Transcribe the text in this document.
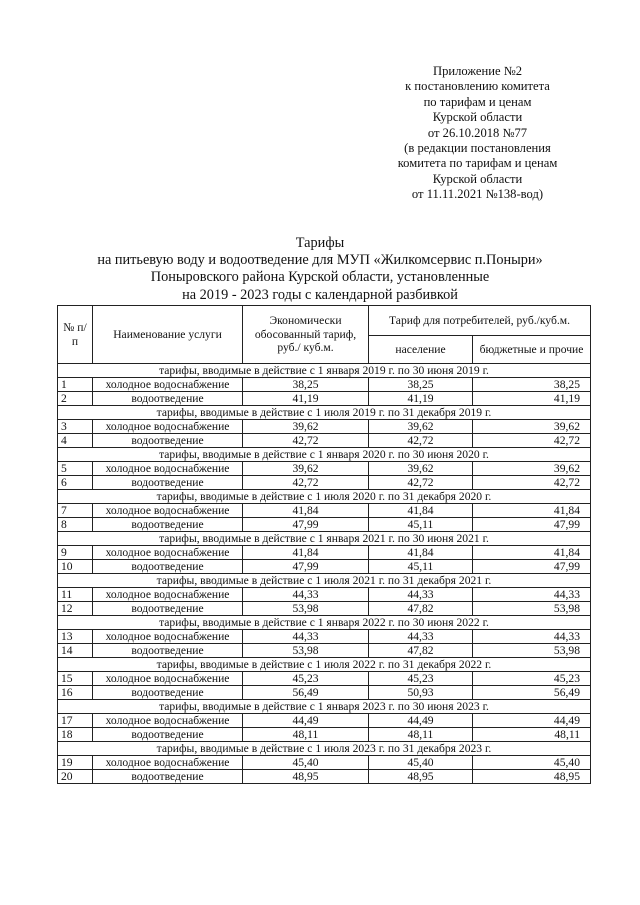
Приложение №2
к постановлению комитета
по тарифам и ценам
Курской области
от 26.10.2018 №77
(в редакции постановления
комитета по тарифам и ценам
Курской области
от 11.11.2021 №138-вод)
Тарифы
на питьевую воду и водоотведение для МУП «Жилкомсервис п.Поныри»
Поныровского района Курской области, установленные
на 2019 - 2023 годы с календарной разбивкой
№ п/п	Наименование услуги	Экономически обосованный тариф, руб./ куб.м.	Тариф для потребителей, руб./куб.м.	
			население	бюджетные и прочие
тарифы, вводимые в действие с 1 января 2019 г. по 30 июня 2019 г.				
1	холодное водоснабжение	38,25	38,25	38,25
2	водоотведение	41,19	41,19	41,19
тарифы, вводимые в действие с 1 июля 2019 г. по 31 декабря 2019 г.				
3	холодное водоснабжение	39,62	39,62	39,62
4	водоотведение	42,72	42,72	42,72
тарифы, вводимые в действие с 1 января 2020 г. по 30 июня 2020 г.				
5	холодное водоснабжение	39,62	39,62	39,62
6	водоотведение	42,72	42,72	42,72
тарифы, вводимые в действие с 1 июля 2020 г. по 31 декабря 2020 г.				
7	холодное водоснабжение	41,84	41,84	41,84
8	водоотведение	47,99	45,11	47,99
тарифы, вводимые в действие с 1 января 2021 г. по 30 июня 2021 г.				
9	холодное водоснабжение	41,84	41,84	41,84
10	водоотведение	47,99	45,11	47,99
тарифы, вводимые в действие с 1 июля 2021 г. по 31 декабря 2021 г.				
11	холодное водоснабжение	44,33	44,33	44,33
12	водоотведение	53,98	47,82	53,98
тарифы, вводимые в действие с 1 января 2022 г. по 30 июня 2022 г.				
13	холодное водоснабжение	44,33	44,33	44,33
14	водоотведение	53,98	47,82	53,98
тарифы, вводимые в действие с 1 июля 2022 г. по 31 декабря 2022 г.				
15	холодное водоснабжение	45,23	45,23	45,23
16	водоотведение	56,49	50,93	56,49
тарифы, вводимые в действие с 1 января 2023 г. по 30 июня 2023 г.				
17	холодное водоснабжение	44,49	44,49	44,49
18	водоотведение	48,11	48,11	48,11
тарифы, вводимые в действие с 1 июля 2023 г. по 31 декабря 2023 г.				
19	холодное водоснабжение	45,40	45,40	45,40
20	водоотведение	48,95	48,95	48,95
